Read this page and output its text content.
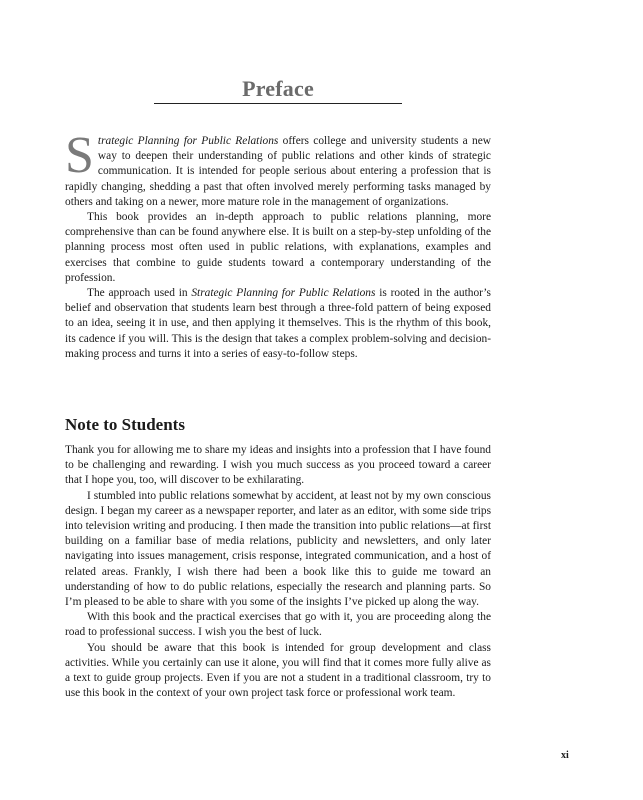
Preface

Strategic Planning for Public Relations offers college and university students a new way to deepen their understanding of public relations and other kinds of strategic communication. It is intended for people serious about entering a profession that is rapidly changing, shedding a past that often involved merely performing tasks managed by others and taking on a newer, more mature role in the management of organizations.

This book provides an in-depth approach to public relations planning, more comprehensive than can be found anywhere else. It is built on a step-by-step unfolding of the planning process most often used in public relations, with explanations, examples and exercises that combine to guide students toward a contemporary understanding of the profession.

The approach used in Strategic Planning for Public Relations is rooted in the author’s belief and observation that students learn best through a three-fold pattern of being exposed to an idea, seeing it in use, and then applying it themselves. This is the rhythm of this book, its cadence if you will. This is the design that takes a complex problem-solving and decision-making process and turns it into a series of easy-to-follow steps.

Note to Students

Thank you for allowing me to share my ideas and insights into a profession that I have found to be challenging and rewarding. I wish you much success as you proceed toward a career that I hope you, too, will discover to be exhilarating.

I stumbled into public relations somewhat by accident, at least not by my own conscious design. I began my career as a newspaper reporter, and later as an editor, with some side trips into television writing and producing. I then made the transition into public relations—at first building on a familiar base of media relations, publicity and newsletters, and only later navigating into issues management, crisis response, integrated communication, and a host of related areas. Frankly, I wish there had been a book like this to guide me toward an understanding of how to do public relations, especially the research and planning parts. So I’m pleased to be able to share with you some of the insights I’ve picked up along the way.

With this book and the practical exercises that go with it, you are proceeding along the road to professional success. I wish you the best of luck.

You should be aware that this book is intended for group development and class activities. While you certainly can use it alone, you will find that it comes more fully alive as a text to guide group projects. Even if you are not a student in a traditional classroom, try to use this book in the context of your own project task force or professional work team.

xi
